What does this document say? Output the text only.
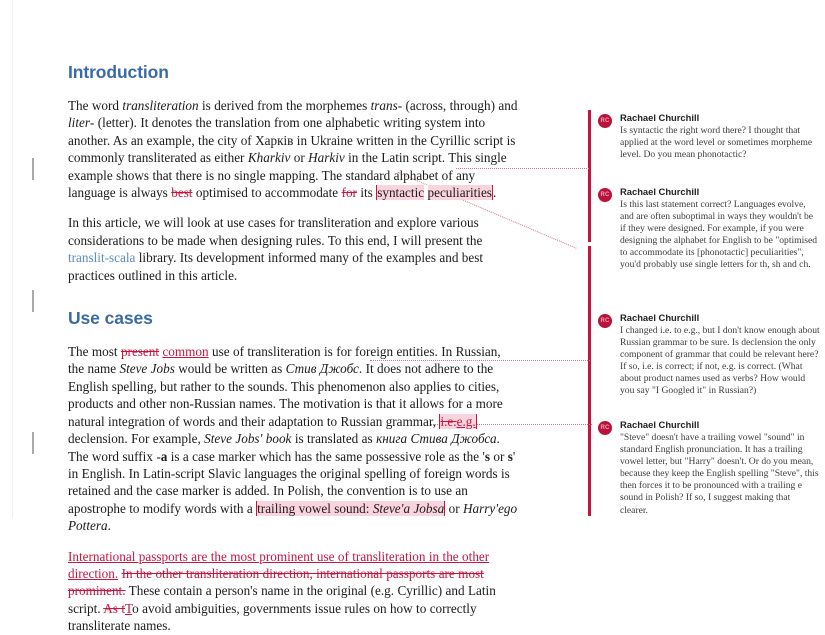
Introduction

The word transliteration is derived from the morphemes trans- (across, through) and liter- (letter). It denotes the translation from one alphabetic writing system into another. As an example, the city of Харків in Ukraine written in the Cyrillic script is commonly transliterated as either Kharkiv or Harkiv in the Latin script. This single example shows that there is no single mapping. The standard alphabet of any language is always best optimised to accommodate for its syntactic peculiarities.

In this article, we will look at use cases for transliteration and explore various considerations to be made when designing rules. To this end, I will present the translit-scala library. Its development informed many of the examples and best practices outlined in this article.

Use cases

The most present common use of transliteration is for foreign entities. In Russian, the name Steve Jobs would be written as Стив Джобс. It does not adhere to the English spelling, but rather to the sounds. This phenomenon also applies to cities, products and other non-Russian names. The motivation is that it allows for a more natural integration of words and their adaptation to Russian grammar, i.e.e.g. declension. For example, Steve Jobs' book is translated as книга Стива Джобса. The word suffix -a is a case marker which has the same possessive role as the 's or s' in English. In Latin-script Slavic languages the original spelling of foreign words is retained and the case marker is added. In Polish, the convention is to use an apostrophe to modify words with a trailing vowel sound: Steve'a Jobsa or Harry'ego Pottera.

International passports are the most prominent use of transliteration in the other direction. In the other transliteration direction, international passports are most prominent. These contain a person's name in the original (e.g. Cyrillic) and Latin script. As tTo avoid ambiguities, governments issue rules on how to correctly transliterate names.

RC Rachael Churchill
Is syntactic the right word there? I thought that applied at the word level or sometimes morpheme level. Do you mean phonotactic?
RC Rachael Churchill
Is this last statement correct? Languages evolve, and are often suboptimal in ways they wouldn't be if they were designed. For example, if you were designing the alphabet for English to be "optimised to accommodate its [phonotactic] peculiarities", you'd probably use single letters for th, sh and ch.
RC Rachael Churchill
I changed i.e. to e.g., but I don't know enough about Russian grammar to be sure. Is declension the only component of grammar that could be relevant here? If so, i.e. is correct; if not, e.g. is correct. (What about product names used as verbs? How would you say "I Googled it" in Russian?)
RC Rachael Churchill
"Steve" doesn't have a trailing vowel "sound" in standard English pronunciation. It has a trailing vowel letter, but "Harry" doesn't. Or do you mean, because they keep the English spelling "Steve", this then forces it to be pronounced with a trailing e sound in Polish? If so, I suggest making that clearer.
